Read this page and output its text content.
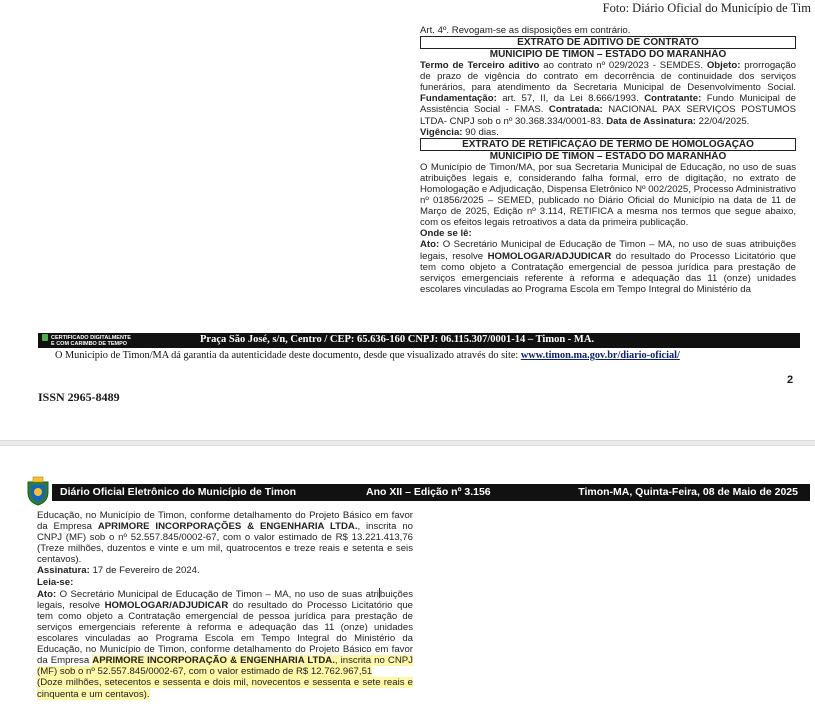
Foto: Diário Oficial do Município de Tim

Art. 4º. Revogam-se as disposições em contrário.

EXTRATO DE ADITIVO DE CONTRATO
MUNICIPIO DE TIMON – ESTADO DO MARANHÃO

Termo de Terceiro aditivo ao contrato nº 029/2023 - SEMDES. Objeto: prorrogação de prazo de vigência do contrato em decorrência de continuidade dos serviços funerários, para atendimento da Secretaria Municipal de Desenvolvimento Social. Fundamentação: art. 57, II, da Lei 8.666/1993. Contratante: Fundo Municipal de Assistência Social - FMAS. Contratada: NACIONAL PAX SERVIÇOS POSTUMOS LTDA- CNPJ sob o nº 30.368.334/0001-83. Data de Assinatura: 22/04/2025.

Vigência: 90 dias.

EXTRATO DE RETIFICAÇÃO DE TERMO DE HOMOLOGAÇÃO
MUNICIPIO DE TIMON – ESTADO DO MARANHÃO

O Município de Timon/MA, por sua Secretaria Municipal de Educação, no uso de suas atribuições legais e, considerando falha formal, erro de digitação, no extrato de Homologação e Adjudicação, Dispensa Eletrônico Nº 002/2025, Processo Administrativo nº 01856/2025 – SEMED, publicado no Diário Oficial do Município na data de 11 de Março de 2025, Edição nº 3.114, RETIFICA a mesma nos termos que segue abaixo, com os efeitos legais retroativos a data da primeira publicação.

Onde se lê:

Ato: O Secretário Municipal de Educação de Timon – MA, no uso de suas atribuições legais, resolve HOMOLOGAR/ADJUDICAR do resultado do Processo Licitatório que tem como objeto a Contratação emergencial de pessoa jurídica para prestação de serviços emergenciais referente à reforma e adequação das 11 (onze) unidades escolares vinculadas ao Programa Escola em Tempo Integral do Ministério da

CERTIFICADO DIGITALMENTE
E COM CARIMBO DE TEMPO	Praça São José, s/n, Centro / CEP: 65.636-160 CNPJ: 06.115.307/0001-14 – Timon - MA.
O Município de Timon/MA dá garantia da autenticidade deste documento, desde que visualizado através do site: www.timon.ma.gov.br/diario-oficial/
2
ISSN 2965-8489
Diário Oficial Eletrônico do Município de Timon	Ano XII – Edição nº 3.156	Timon-MA, Quinta-Feira, 08 de Maio de 2025

Educação, no Município de Timon, conforme detalhamento do Projeto Básico em favor da Empresa APRIMORE INCORPORAÇÕES & ENGENHARIA LTDA., inscrita no CNPJ (MF) sob o nº 52.557.845/0002-67, com o valor estimado de R$ 13.221.413,76 (Treze milhões, duzentos e vinte e um mil, quatrocentos e treze reais e setenta e seis centavos).

Assinatura: 17 de Fevereiro de 2024.

Leia-se:

Ato: O Secretário Municipal de Educação de Timon – MA, no uso de suas atribuições legais, resolve HOMOLOGAR/ADJUDICAR do resultado do Processo Licitatório que tem como objeto a Contratação emergencial de pessoa jurídica para prestação de serviços emergenciais referente à reforma e adequação das 11 (onze) unidades escolares vinculadas ao Programa Escola em Tempo Integral do Ministério da Educação, no Município de Timon, conforme detalhamento do Projeto Básico em favor da Empresa APRIMORE INCORPORAÇÃO & ENGENHARIA LTDA., inscrita no CNPJ (MF) sob o nº 52.557.845/0002-67, com o valor estimado de R$ 12.762.967,51
(Doze milhões, setecentos e sessenta e dois mil, novecentos e sessenta e sete reais e cinquenta e um centavos).
